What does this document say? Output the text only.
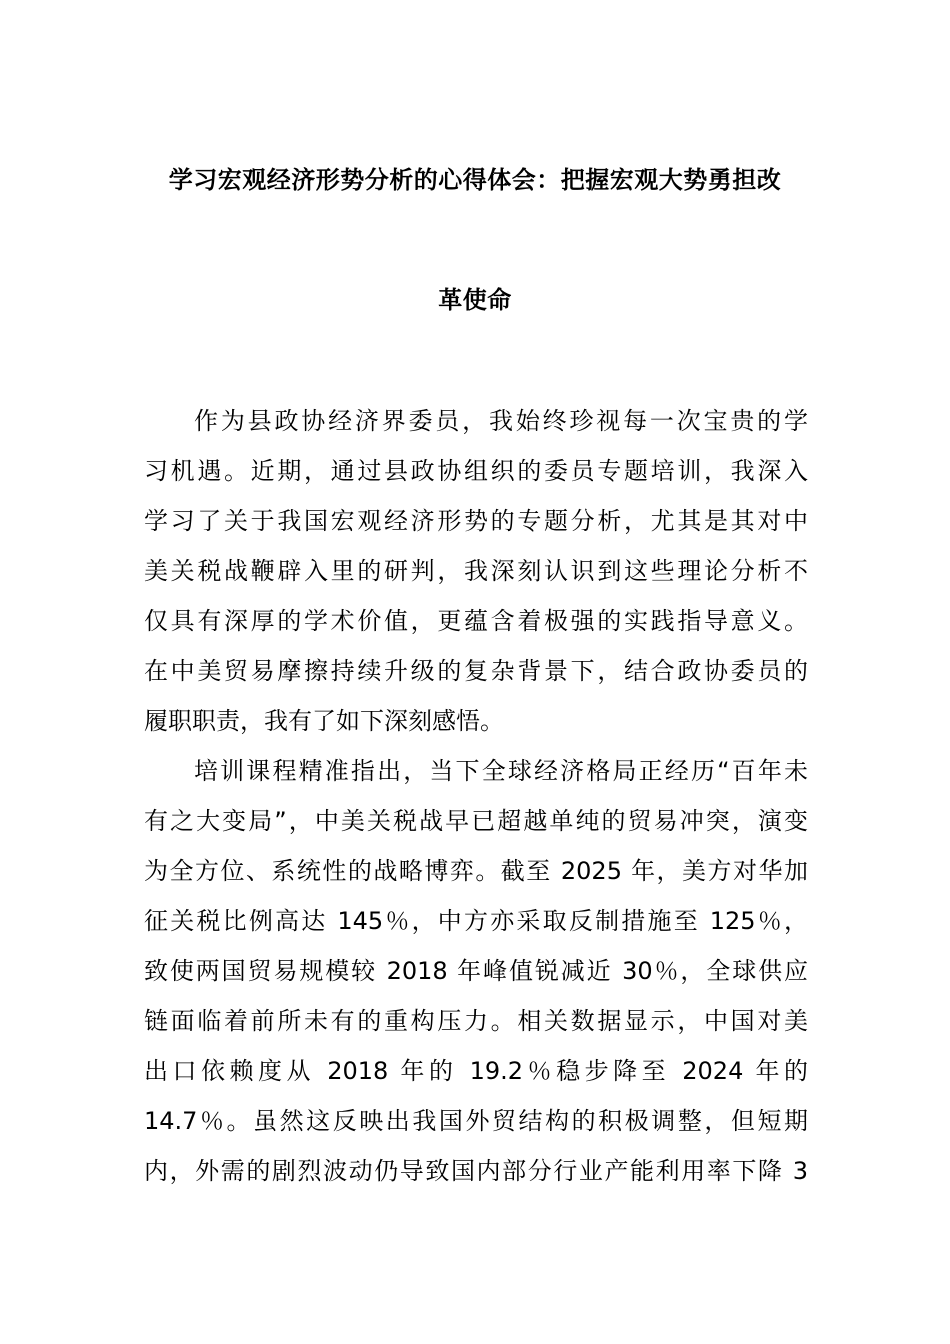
学习宏观经济形势分析的心得体会：把握宏观大势勇担改
革使命
作为县政协经济界委员，我始终珍视每一次宝贵的学
习机遇。近期，通过县政协组织的委员专题培训，我深入
学习了关于我国宏观经济形势的专题分析，尤其是其对中
美关税战鞭辟入里的研判，我深刻认识到这些理论分析不
仅具有深厚的学术价值，更蕴含着极强的实践指导意义。
在中美贸易摩擦持续升级的复杂背景下，结合政协委员的
履职职责，我有了如下深刻感悟。
培训课程精准指出，当下全球经济格局正经历“百年未
有之大变局”，中美关税战早已超越单纯的贸易冲突，演变
为全方位、系统性的战略博弈。截至 2025 年，美方对华加
征关税比例高达 145％，中方亦采取反制措施至 125％，
致使两国贸易规模较 2018 年峰值锐减近 30％，全球供应
链面临着前所未有的重构压力。相关数据显示，中国对美
出口依赖度从 2018 年的 19.2％稳步降至 2024 年的
14.7％。虽然这反映出我国外贸结构的积极调整，但短期
内，外需的剧烈波动仍导致国内部分行业产能利用率下降 3
